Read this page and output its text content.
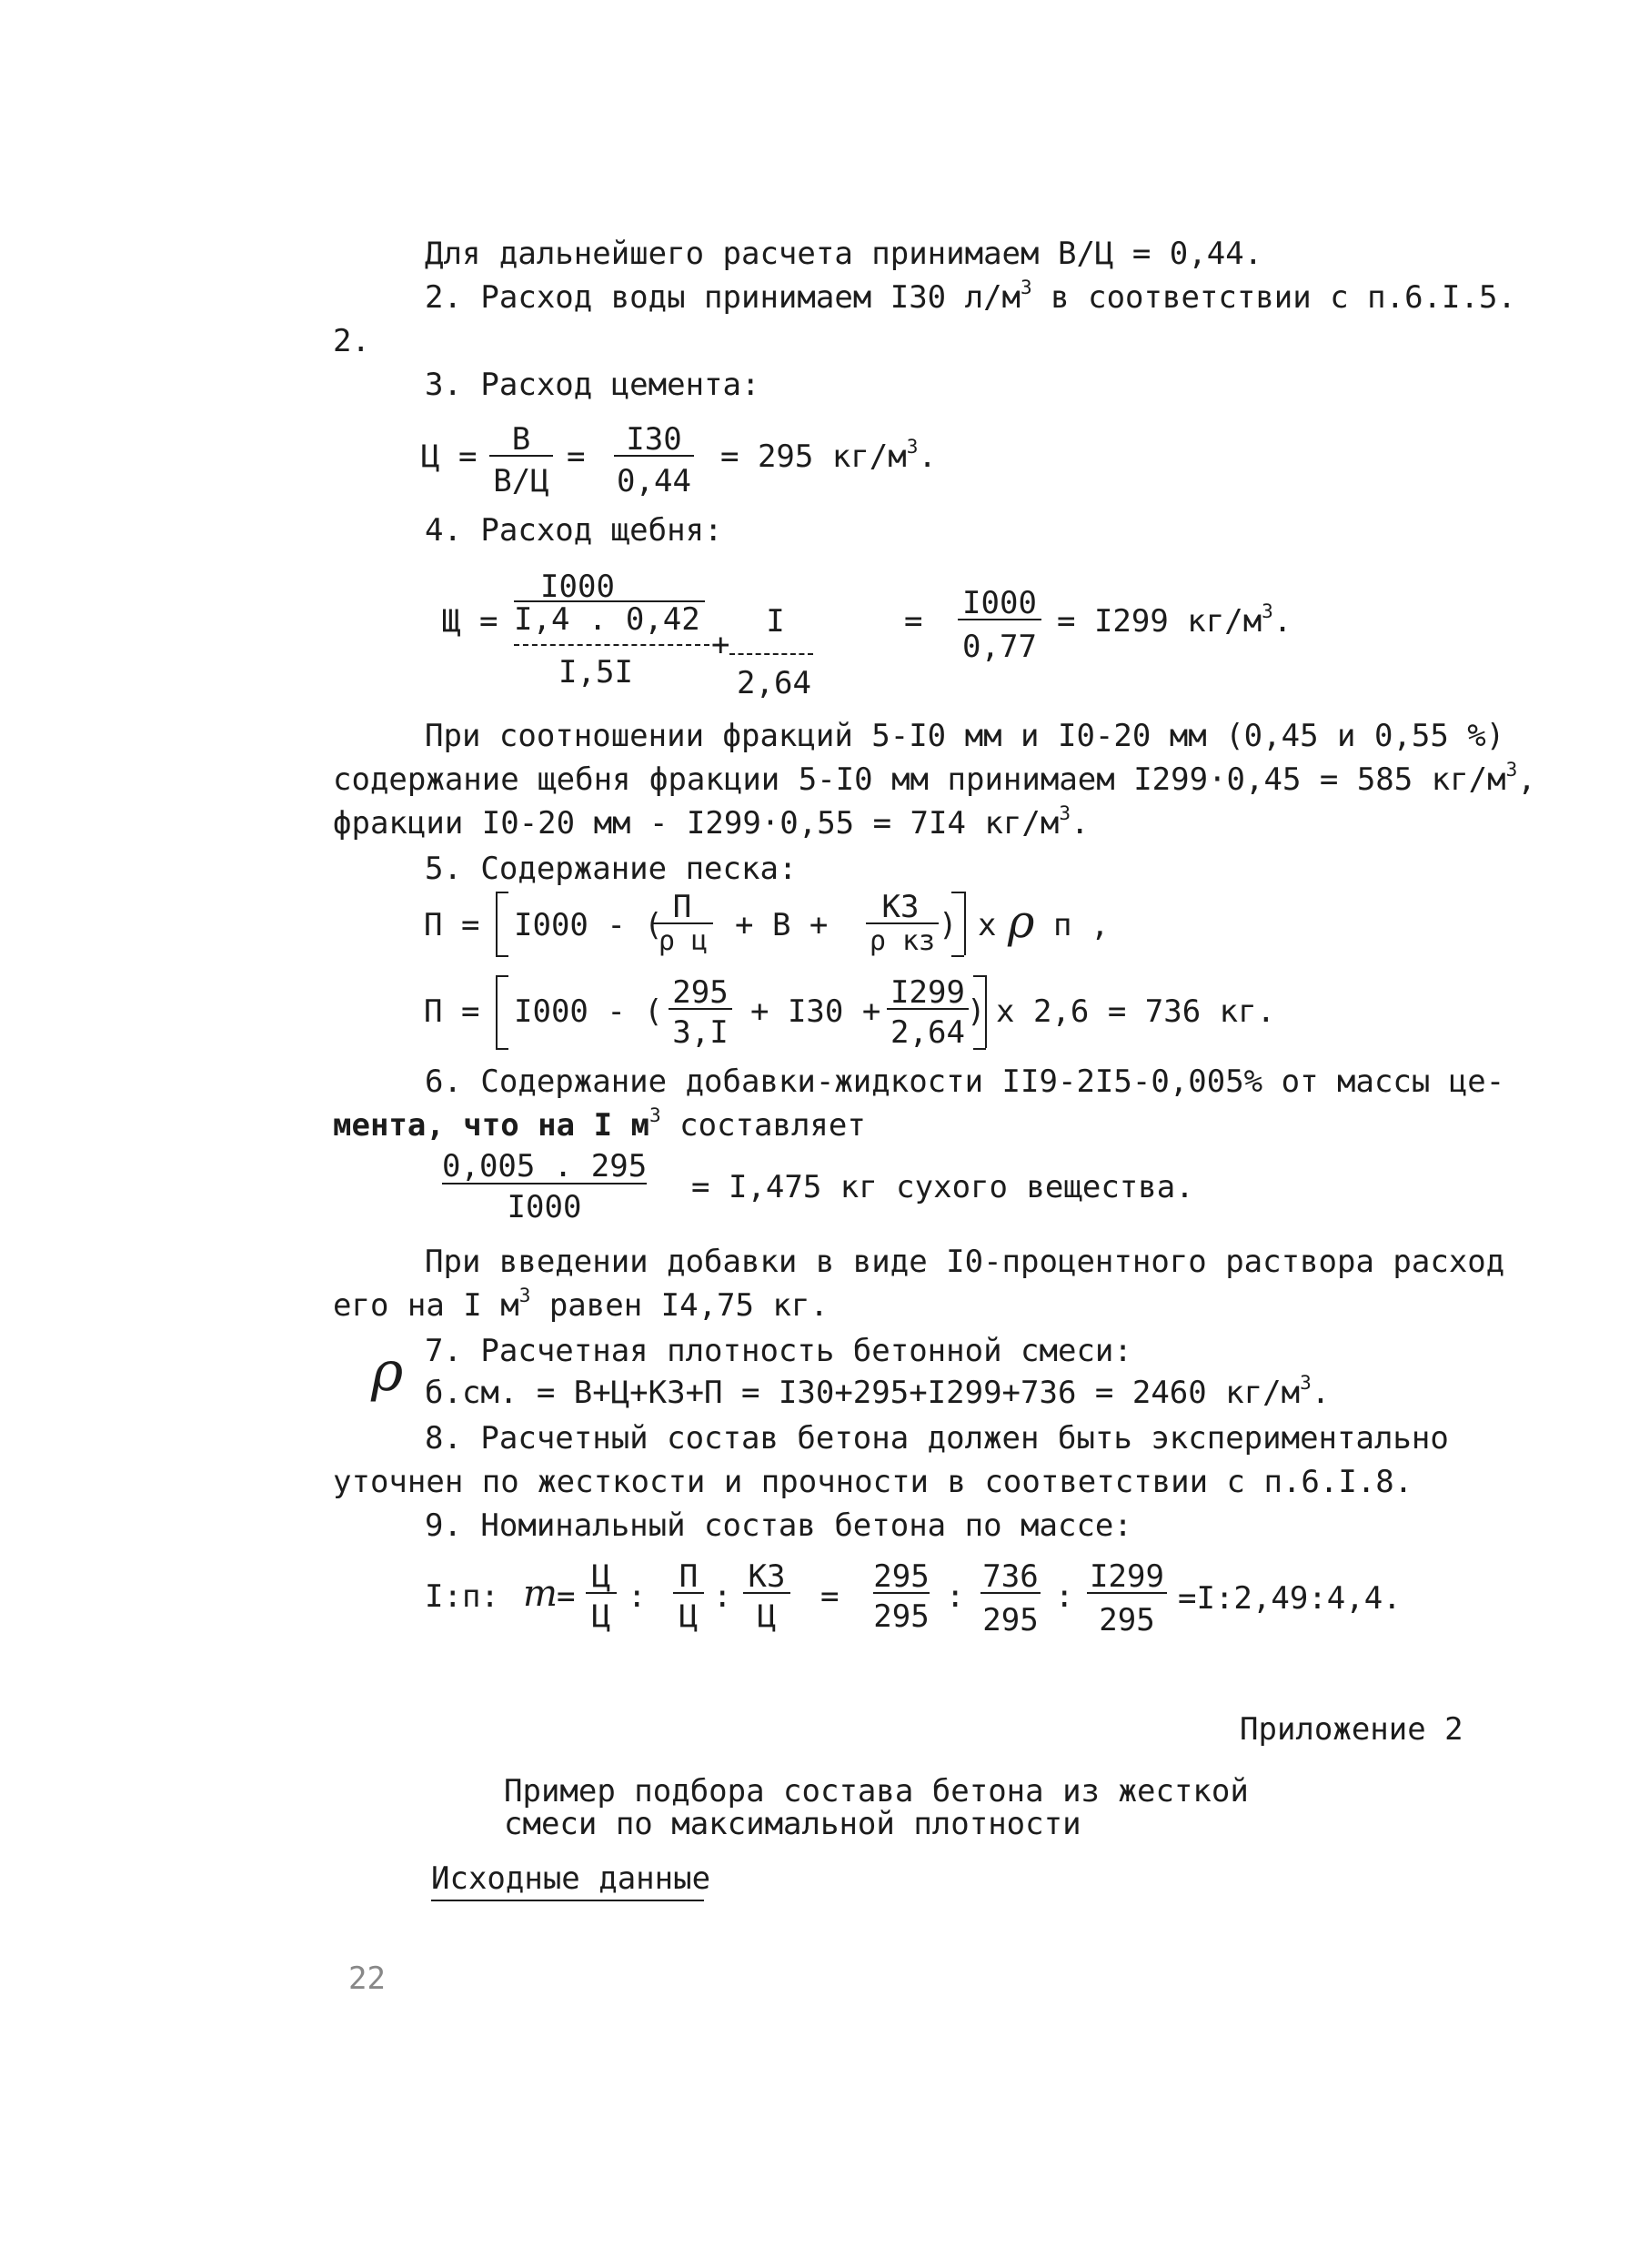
Для дальнейшего расчета принимаем В/Ц = 0,44.
2. Расход воды принимаем I30 $л/м^3$ в соответствии с п.6.I.5.
2.
3. Расход цемента:
Ц =	В
В/Ц
=	I30
0,44
= 295 $кг/м^3$.
4. Расход щебня:
Щ =
I000
I,4 . 0,42
I,5I
+
I
2,64
= I000
0,77
= I299 $кг/м^3$.
При соотношении фракций 5-I0 мм и I0-20 мм (0,45 и 0,55 %)
содержание щебня фракции 5-I0 мм принимаем I299·0,45 = 585 $кг/м^3$,
фракции I0-20 мм - I299·0,55 = 7I4 $кг/м^3$.
5. Содержание песка:
П = I000 - ( П
ρ ц + В +	КЗ
ρ кз ) x ρ п ,
П = I000 - (
295
3,I
+ I30 +
I299
2,64
) x 2,6 = 736 кг.
6. Содержание добавки-жидкости II9-2I5-0,005% от массы це-
мента, что на I $м^3$ составляет
0,005 . 295
I000
= I,475 кг сухого вещества.
При введении добавки в виде I0-процентного раствора расход
его на I $м^3$ равен I4,75 кг.
7. Расчетная плотность бетонной смеси:
ρ б.см. = В+Ц+КЗ+П = I30+295+I299+736 = 2460 $кг/м^3$.
8. Расчетный состав бетона должен быть экспериментально
уточнен по жесткости и прочности в соответствии с п.6.I.8.
9. Номинальный состав бетона по массе:
I:п: m =
Ц
Ц
:
П
Ц
:
КЗ
Ц
=
295
295
:
736
295
:
I299
295
=I:2,49:4,4.
Приложение 2
Пример подбора состава бетона из жесткой
смеси по максимальной плотности
Исходные данные
22
